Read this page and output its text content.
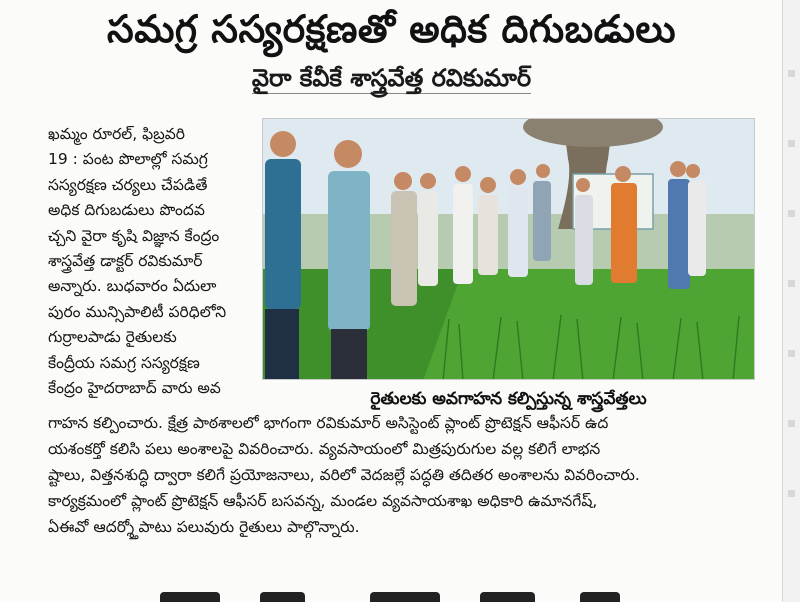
సమగ్ర సస్యరక్షణతో అధిక దిగుబడులు
వైరా కేవీకే శాస్త్రవేత్త రవికుమార్

ఖమ్మం రూరల్, ఫిబ్రవరి

19 : పంట పొలాల్లో సమగ్ర

సస్యరక్షణ చర్యలు చేపడితే

అధిక దిగుబడులు పొందవ

చ్చని వైరా కృషి విజ్ఞాన కేంద్రం

శాస్త్రవేత్త డాక్టర్ రవికుమార్

అన్నారు. బుధవారం ఏదులా

పురం మున్సిపాలిటీ పరిధిలోని

గుర్రాలపాడు రైతులకు

కేంద్రీయ సమగ్ర సస్యరక్షణ

కేంద్రం హైదరాబాద్ వారు అవ

రైతులకు అవగాహన కల్పిస్తున్న శాస్త్రవేత్తలు
గాహన కల్పించారు. క్షేత్ర పాఠశాలలో భాగంగా రవికుమార్ అసిస్టెంట్ ప్లాంట్ ప్రొటెక్షన్ ఆఫీసర్ ఉద
యశంకర్తో కలిసి పలు అంశాలపై వివరించారు. వ్యవసాయంలో మిత్రపురుగుల వల్ల కలిగే లాభన
ష్టాలు, విత్తనశుద్ధి ద్వారా కలిగే ప్రయోజనాలు, వరిలో వెదజల్లే పద్ధతి తదితర అంశాలను వివరించారు.
కార్యక్రమంలో ప్లాంట్ ప్రొటెక్షన్ ఆఫీసర్ బసవన్న, మండల వ్యవసాయశాఖ అధికారి ఉమానగేష్,
ఏఈవో ఆదర్శ్తోపాటు పలువురు రైతులు పాల్గొన్నారు.
